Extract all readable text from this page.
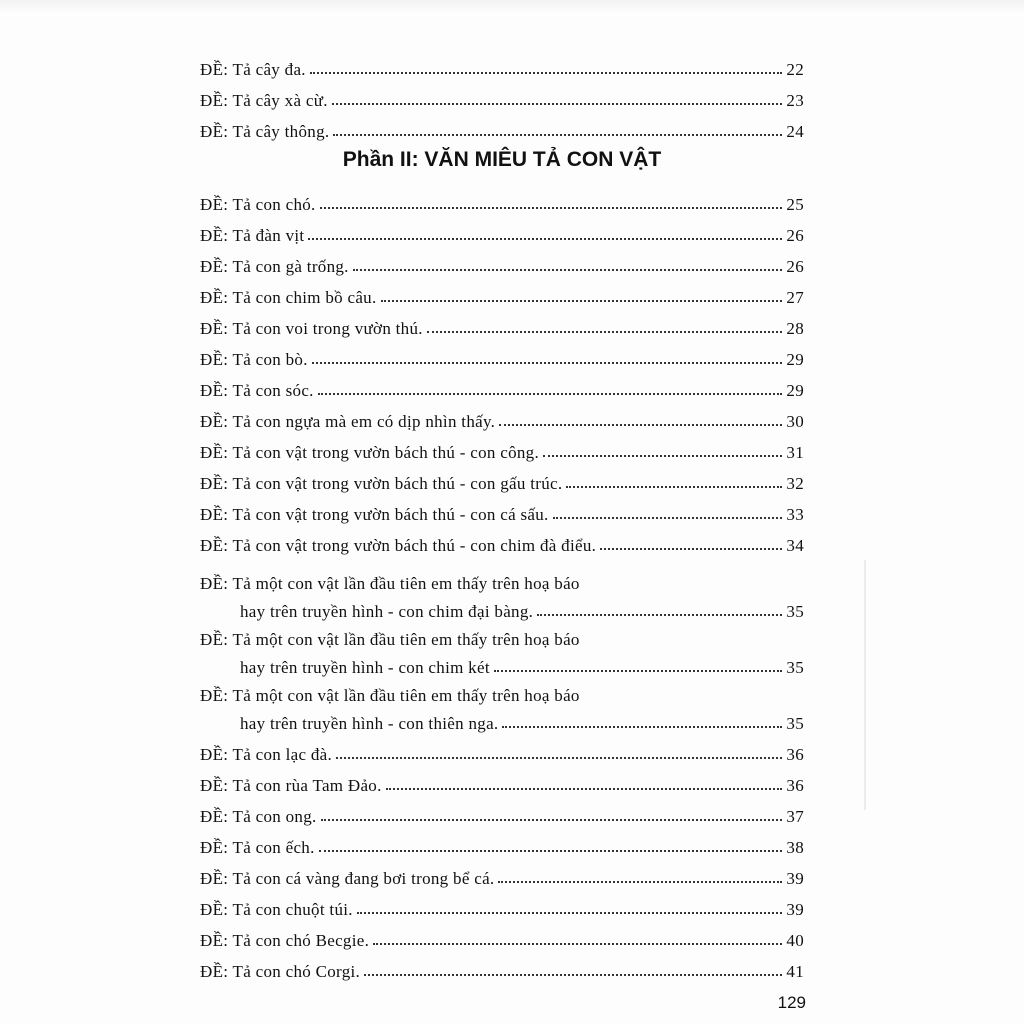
ĐỀ: Tả cây đa.	22
ĐỀ: Tả cây xà cừ.	23
ĐỀ: Tả cây thông.	24
Phần II: VĂN MIÊU TẢ CON VẬT
ĐỀ: Tả con chó.	25
ĐỀ: Tả đàn vịt	26
ĐỀ: Tả con gà trống.	26
ĐỀ: Tả con chim bồ câu.	27
ĐỀ: Tả con voi trong vườn thú.	28
ĐỀ: Tả con bò.	29
ĐỀ: Tả con sóc.	29
ĐỀ: Tả con ngựa mà em có dịp nhìn thấy.	30
ĐỀ: Tả con vật trong vườn bách thú - con công.	31
ĐỀ: Tả con vật trong vườn bách thú - con gấu trúc.	32
ĐỀ: Tả con vật trong vườn bách thú - con cá sấu.	33
ĐỀ: Tả con vật trong vườn bách thú - con chim đà điểu.	34
ĐỀ: Tả một con vật lần đầu tiên em thấy trên hoạ báo
hay trên truyền hình - con chim đại bàng.	35
ĐỀ: Tả một con vật lần đầu tiên em thấy trên hoạ báo
hay trên truyền hình - con chim két	35
ĐỀ: Tả một con vật lần đầu tiên em thấy trên hoạ báo
hay trên truyền hình - con thiên nga.	35
ĐỀ: Tả con lạc đà.	36
ĐỀ: Tả con rùa Tam Đảo.	36
ĐỀ: Tả con ong.	37
ĐỀ: Tả con ếch.	38
ĐỀ: Tả con cá vàng đang bơi trong bể cá.	39
ĐỀ: Tả con chuột túi.	39
ĐỀ: Tả con chó Becgie.	40
ĐỀ: Tả con chó Corgi.	41
129
